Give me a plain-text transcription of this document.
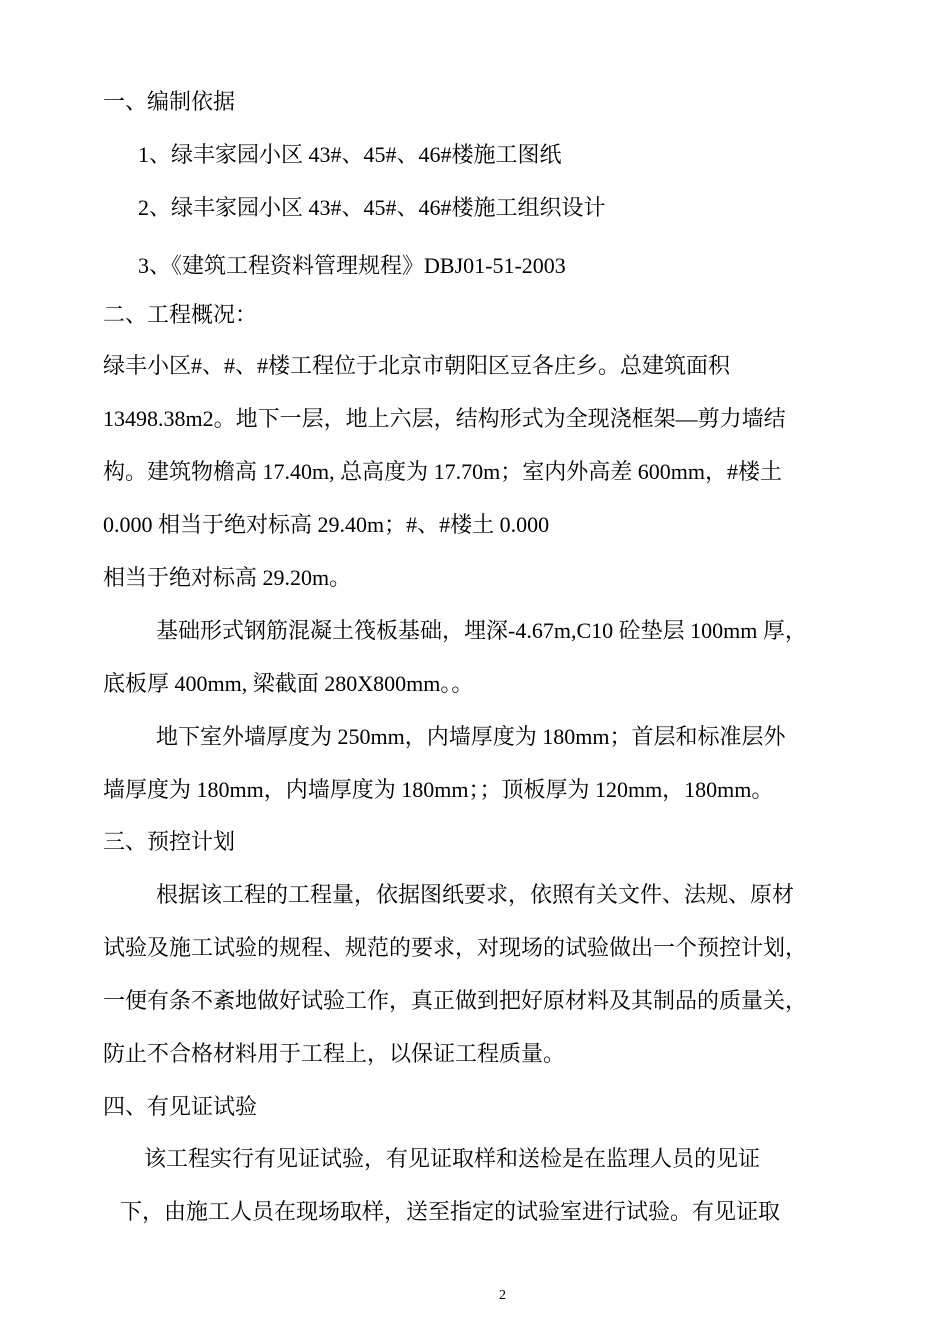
一、编制依据
1、绿丰家园小区 43#、45#、46#楼施工图纸
2、绿丰家园小区 43#、45#、46#楼施工组织设计
3、《建筑工程资料管理规程》DBJ01-51-2003
二、工程概况：
绿丰小区#、#、#楼工程位于北京市朝阳区豆各庄乡。总建筑面积
13498.38m2。地下一层，地上六层，结构形式为全现浇框架—剪力墙结
构。建筑物檐高 17.40m, 总高度为 17.70m；室内外高差 600mm，#楼土
0.000 相当于绝对标高 29.40m；#、#楼土 0.000
相当于绝对标高 29.20m。
基础形式钢筋混凝土筏板基础，埋深-4.67m,C10 砼垫层 100mm 厚，
底板厚 400mm, 梁截面 280X800mm。。
地下室外墙厚度为 250mm，内墙厚度为 180mm；首层和标准层外
墙厚度为 180mm，内墙厚度为 180mm；；顶板厚为 120mm，180mm。
三、预控计划
根据该工程的工程量，依据图纸要求，依照有关文件、法规、原材
试验及施工试验的规程、规范的要求，对现场的试验做出一个预控计划，
一便有条不紊地做好试验工作，真正做到把好原材料及其制品的质量关，
防止不合格材料用于工程上，以保证工程质量。
四、有见证试验
该工程实行有见证试验，有见证取样和送检是在监理人员的见证
下，由施工人员在现场取样，送至指定的试验室进行试验。有见证取
2
